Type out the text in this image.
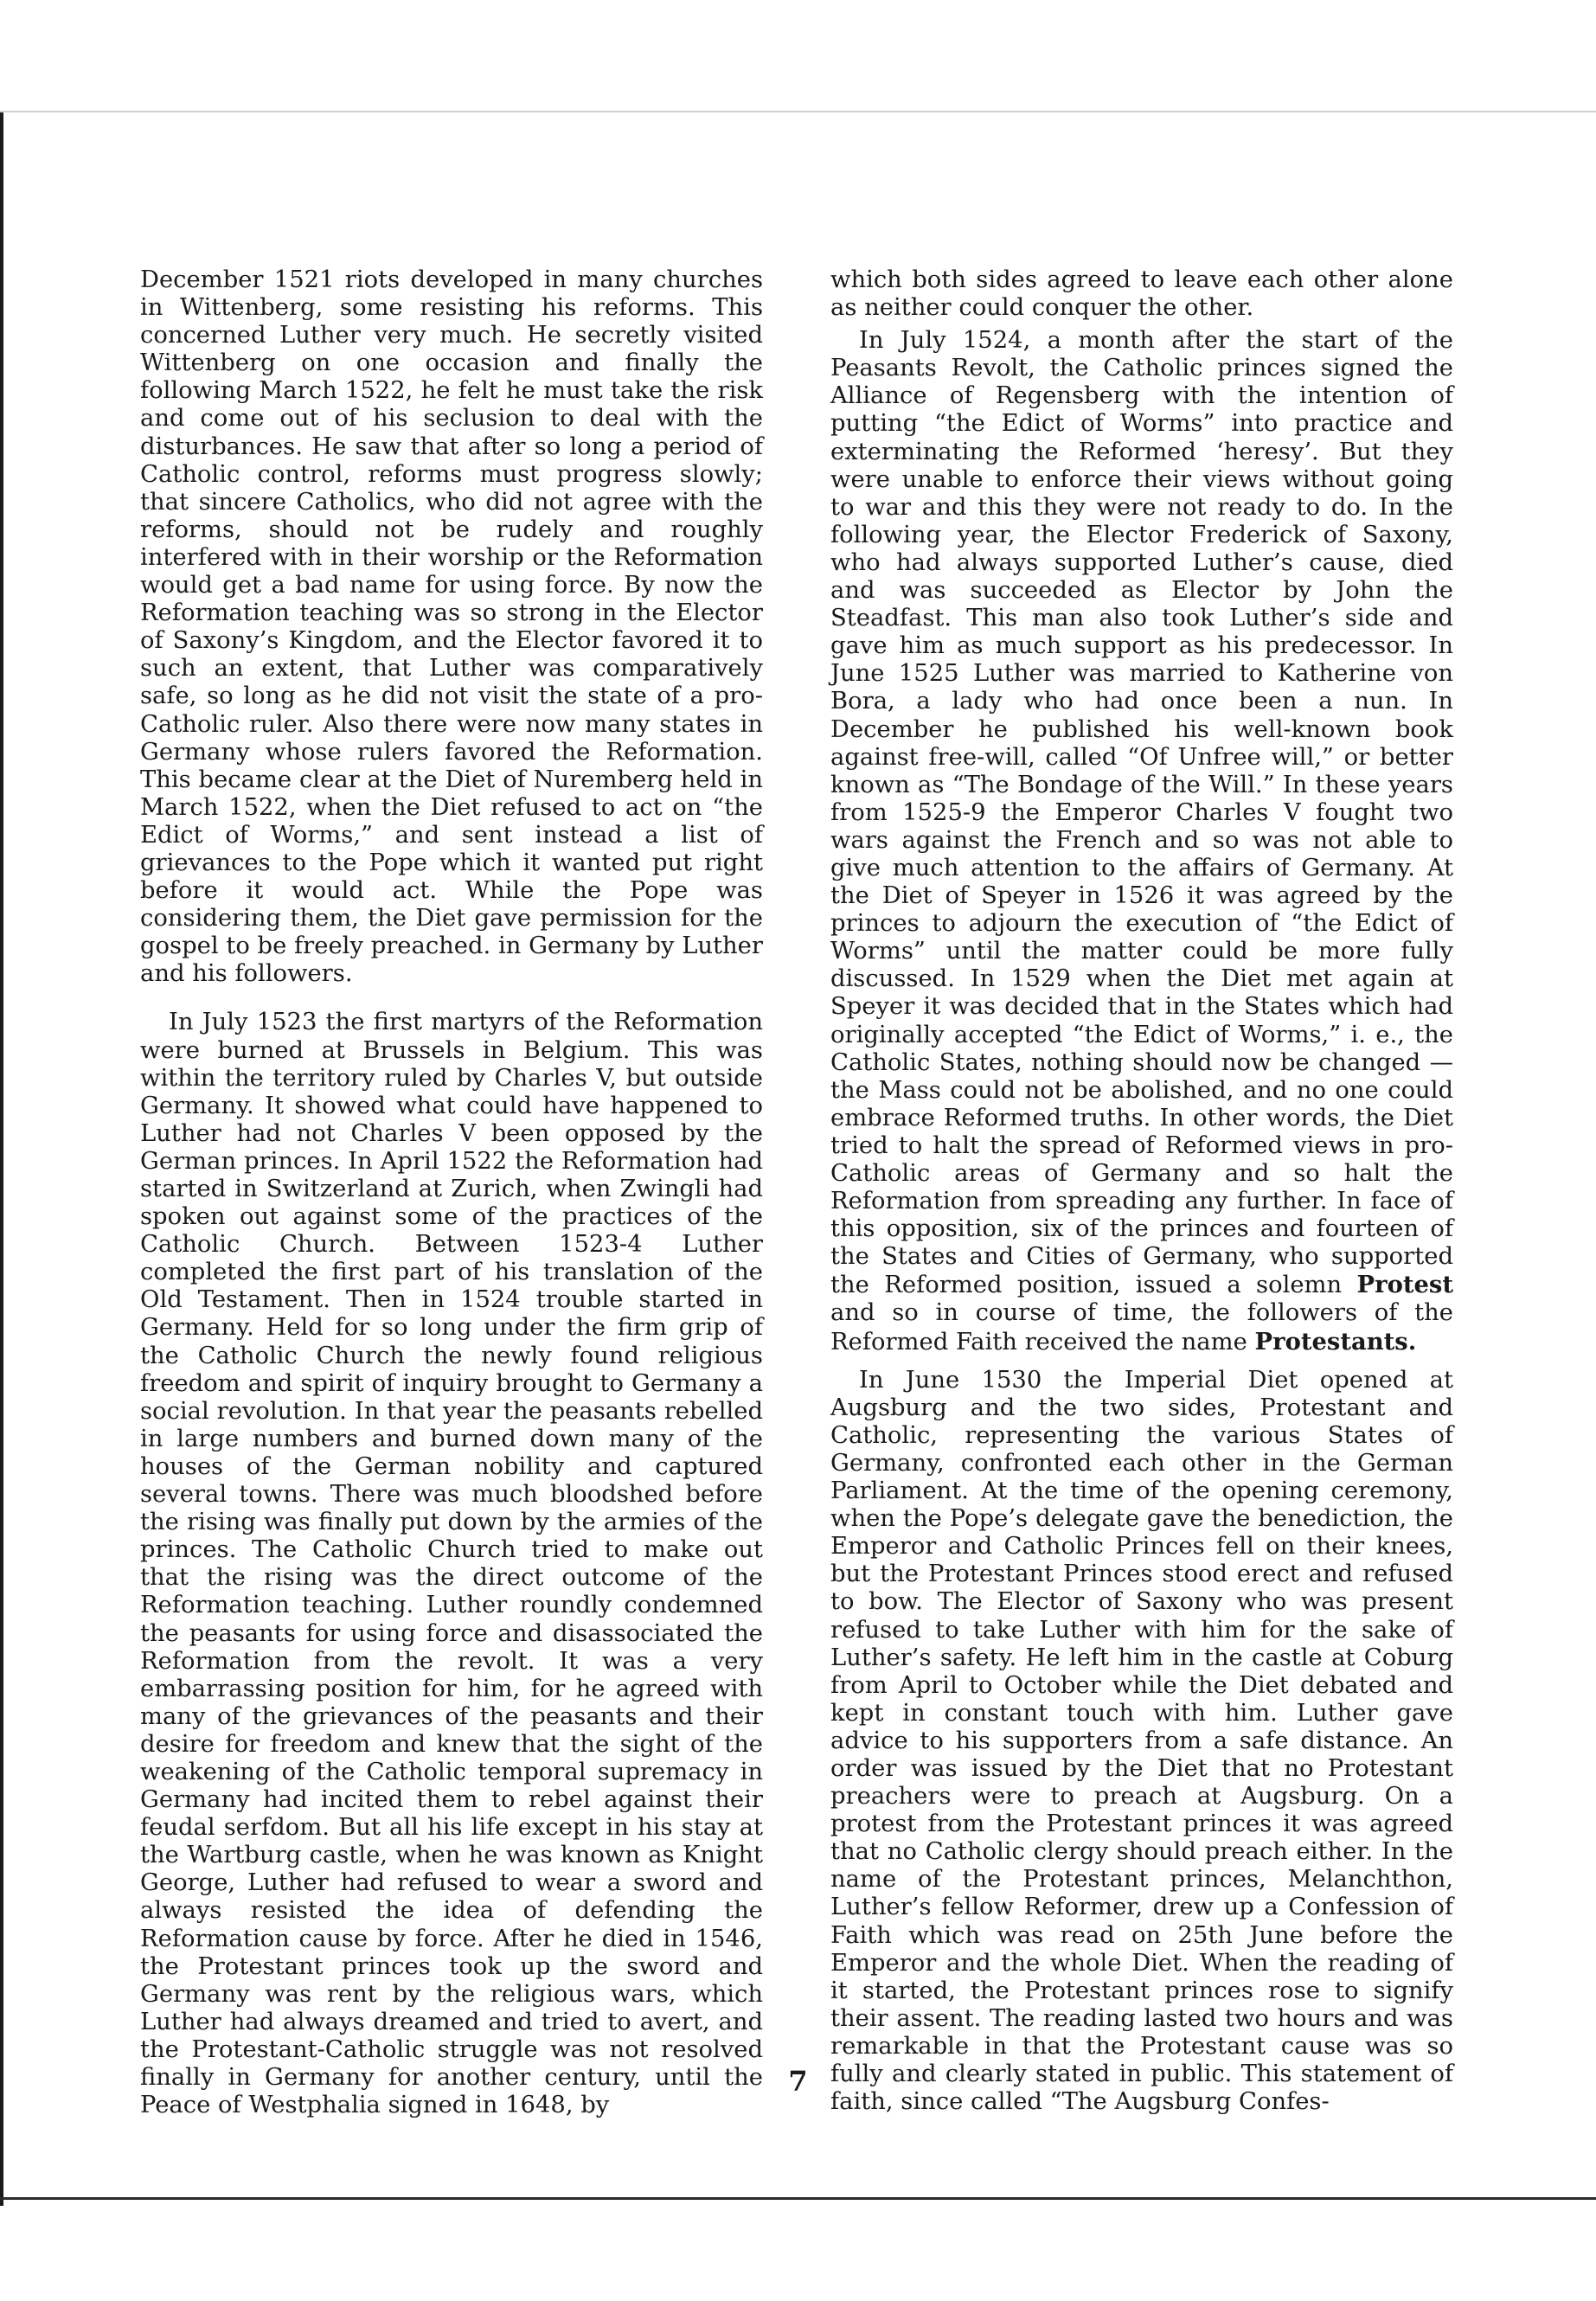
December 1521 riots developed in many churches in Wittenberg, some resisting his reforms. This concerned Luther very much. He secretly visited Wittenberg on one occasion and finally the following March 1522, he felt he must take the risk and come out of his seclusion to deal with the disturbances. He saw that after so long a period of Catholic control, reforms must progress slowly; that sincere Catholics, who did not agree with the reforms, should not be rudely and roughly interfered with in their worship or the Reformation would get a bad name for using force. By now the Reformation teaching was so strong in the Elector of Saxony’s Kingdom, and the Elector favored it to such an extent, that Luther was comparatively safe, so long as he did not visit the state of a pro-Catholic ruler. Also there were now many states in Germany whose rulers favored the Reformation. This became clear at the Diet of Nuremberg held in March 1522, when the Diet refused to act on “the Edict of Worms,” and sent instead a list of grievances to the Pope which it wanted put right before it would act. While the Pope was considering them, the Diet gave permission for the gospel to be freely preached. in Germany by Luther and his followers.

In July 1523 the first martyrs of the Reformation were burned at Brussels in Belgium. This was within the territory ruled by Charles V, but outside Germany. It showed what could have happened to Luther had not Charles V been opposed by the German princes. In April 1522 the Reformation had started in Switzerland at Zurich, when Zwingli had spoken out against some of the practices of the Catholic Church. Between 1523-4 Luther completed the first part of his translation of the Old Testament. Then in 1524 trouble started in Germany. Held for so long under the firm grip of the Catholic Church the newly found religious freedom and spirit of inquiry brought to Germany a social revolution. In that year the peasants rebelled in large numbers and burned down many of the houses of the German nobility and captured several towns. There was much bloodshed before the rising was finally put down by the armies of the princes. The Catholic Church tried to make out that the rising was the direct outcome of the Reformation teaching. Luther roundly condemned the peasants for using force and disassociated the Reformation from the revolt. It was a very embarrassing position for him, for he agreed with many of the grievances of the peasants and their desire for freedom and knew that the sight of the weakening of the Catholic temporal supremacy in Germany had incited them to rebel against their feudal serfdom. But all his life except in his stay at the Wartburg castle, when he was known as Knight George, Luther had refused to wear a sword and always resisted the idea of defending the Reformation cause by force. After he died in 1546, the Protestant princes took up the sword and Germany was rent by the religious wars, which Luther had always dreamed and tried to avert, and the Protestant-Catholic struggle was not resolved finally in Germany for another century, until the Peace of Westphalia signed in 1648, by

which both sides agreed to leave each other alone as neither could conquer the other.

In July 1524, a month after the start of the Peasants Revolt, the Catholic princes signed the Alliance of Regensberg with the intention of putting “the Edict of Worms” into practice and exterminating the Reformed ‘heresy’. But they were unable to enforce their views without going to war and this they were not ready to do. In the following year, the Elector Frederick of Saxony, who had always supported Luther’s cause, died and was succeeded as Elector by John the Steadfast. This man also took Luther’s side and gave him as much support as his predecessor. In June 1525 Luther was married to Katherine von Bora, a lady who had once been a nun. In December he published his well-known book against free-will, called “Of Unfree will,” or better known as “The Bondage of the Will.” In these years from 1525-9 the Emperor Charles V fought two wars against the French and so was not able to give much attention to the affairs of Germany. At the Diet of Speyer in 1526 it was agreed by the princes to adjourn the execution of “the Edict of Worms” until the matter could be more fully discussed. In 1529 when the Diet met again at Speyer it was decided that in the States which had originally accepted “the Edict of Worms,” i. e., the Catholic States, nothing should now be changed — the Mass could not be abolished, and no one could embrace Reformed truths. In other words, the Diet tried to halt the spread of Reformed views in pro-Catholic areas of Germany and so halt the Reformation from spreading any further. In face of this opposition, six of the princes and fourteen of the States and Cities of Germany, who supported the Reformed position, issued a solemn Protest and so in course of time, the followers of the Reformed Faith received the name Protestants.

In June 1530 the Imperial Diet opened at Augsburg and the two sides, Protestant and Catholic, representing the various States of Germany, confronted each other in the German Parliament. At the time of the opening ceremony, when the Pope’s delegate gave the benediction, the Emperor and Catholic Princes fell on their knees, but the Protestant Princes stood erect and refused to bow. The Elector of Saxony who was present refused to take Luther with him for the sake of Luther’s safety. He left him in the castle at Coburg from April to October while the Diet debated and kept in constant touch with him. Luther gave advice to his supporters from a safe distance. An order was issued by the Diet that no Protestant preachers were to preach at Augsburg. On a protest from the Protestant princes it was agreed that no Catholic clergy should preach either. In the name of the Protestant princes, Melanchthon, Luther’s fellow Reformer, drew up a Confession of Faith which was read on 25th June before the Emperor and the whole Diet. When the reading of it started, the Protestant princes rose to signify their assent. The reading lasted two hours and was remarkable in that the Protestant cause was so fully and clearly stated in public. This statement of faith, since called “The Augsburg Confes-

7
